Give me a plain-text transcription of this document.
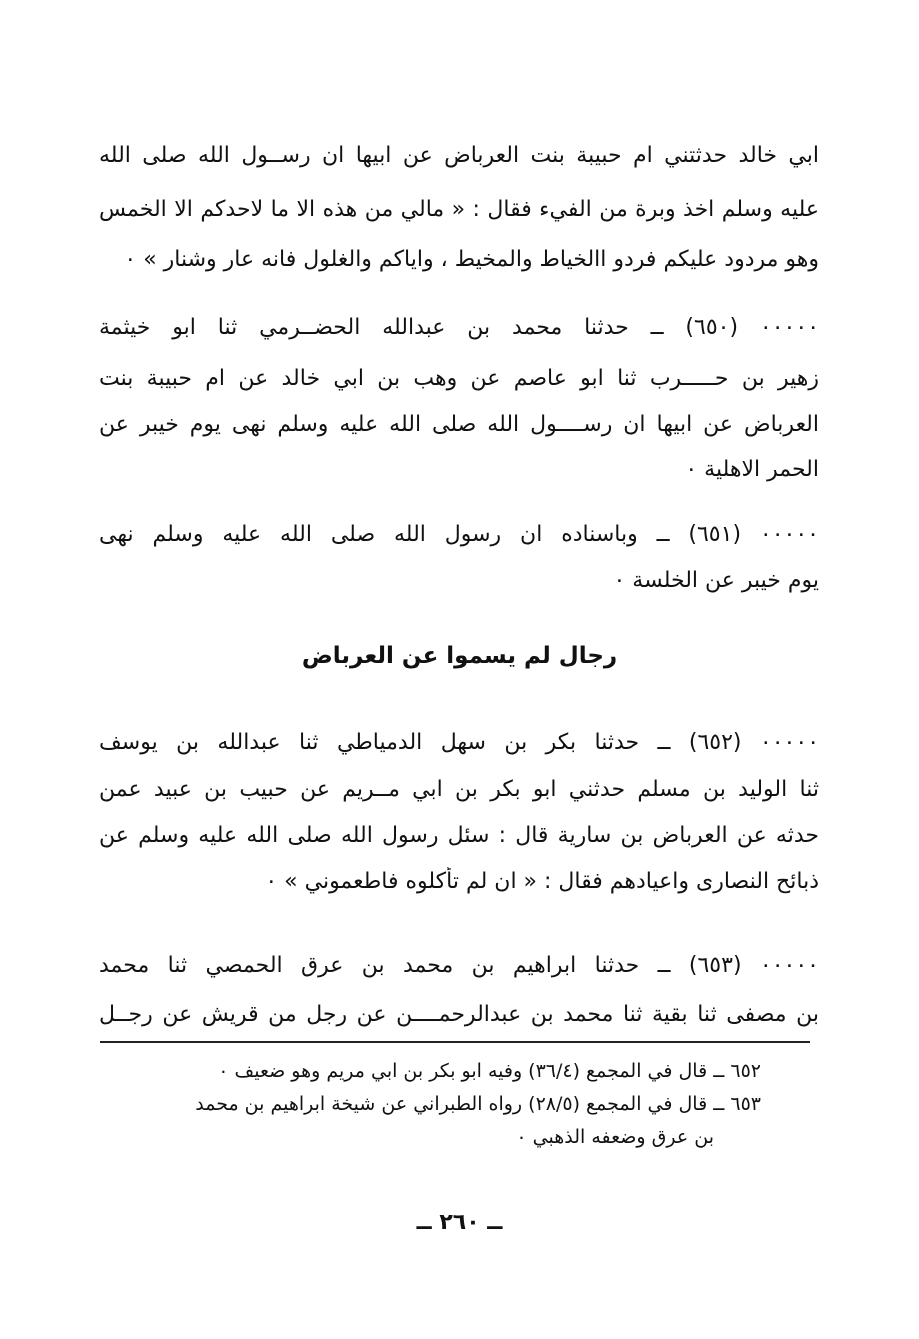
ابي خالد حدثتني ام حبيبة بنت العرباض عن ابيها ان رســول الله صلى الله
عليه وسلم اخذ وبرة من الفيء فقال : « مالي من هذه الا ما لاحدكم الا الخمس
وهو مردود عليكم فردو االخياط والمخيط ، واياكم والغلول فانه عار وشنار » ٠
٠٠٠٠٠ (٦٥٠) ــ حدثنا محمد بن عبدالله الحضــرمي ثنا ابو خيثمة
زهير بن حـــــرب ثنا ابو عاصم عن وهب بن ابي خالد عن ام حبيبة بنت
العرباض عن ابيها ان رســــول الله صلى الله عليه وسلم نهى يوم خيبر عن
الحمر الاهلية ٠
٠٠٠٠٠ (٦٥١) ــ وباسناده ان رسول الله صلى الله عليه وسلم نهى
يوم خيبر عن الخلسة ٠
رجال لم يسموا عن العرباض
٠٠٠٠٠ (٦٥٢) ــ حدثنا بكر بن سهل الدمياطي ثنا عبدالله بن يوسف
ثنا الوليد بن مسلم حدثني ابو بكر بن ابي مــريم عن حبيب بن عبيد عمن
حدثه عن العرباض بن سارية قال : سئل رسول الله صلى الله عليه وسلم عن
ذبائح النصارى واعيادهم فقال : « ان لم تأكلوه فاطعموني » ٠
٠٠٠٠٠ (٦٥٣) ــ حدثنا ابراهيم بن محمد بن عرق الحمصي ثنا محمد
بن مصفى ثنا بقية ثنا محمد بن عبدالرحمــــن عن رجل من قريش عن رجــل
٦٥٢ ــ قال في المجمع (٣٦/٤) وفيه ابو بكر بن ابي مريم وهو ضعيف ٠
٦٥٣ ــ قال في المجمع (٢٨/٥) رواه الطبراني عن شيخة ابراهيم بن محمد
بن عرق وضعفه الذهبي ٠
ــ ٢٦٠ ــ
